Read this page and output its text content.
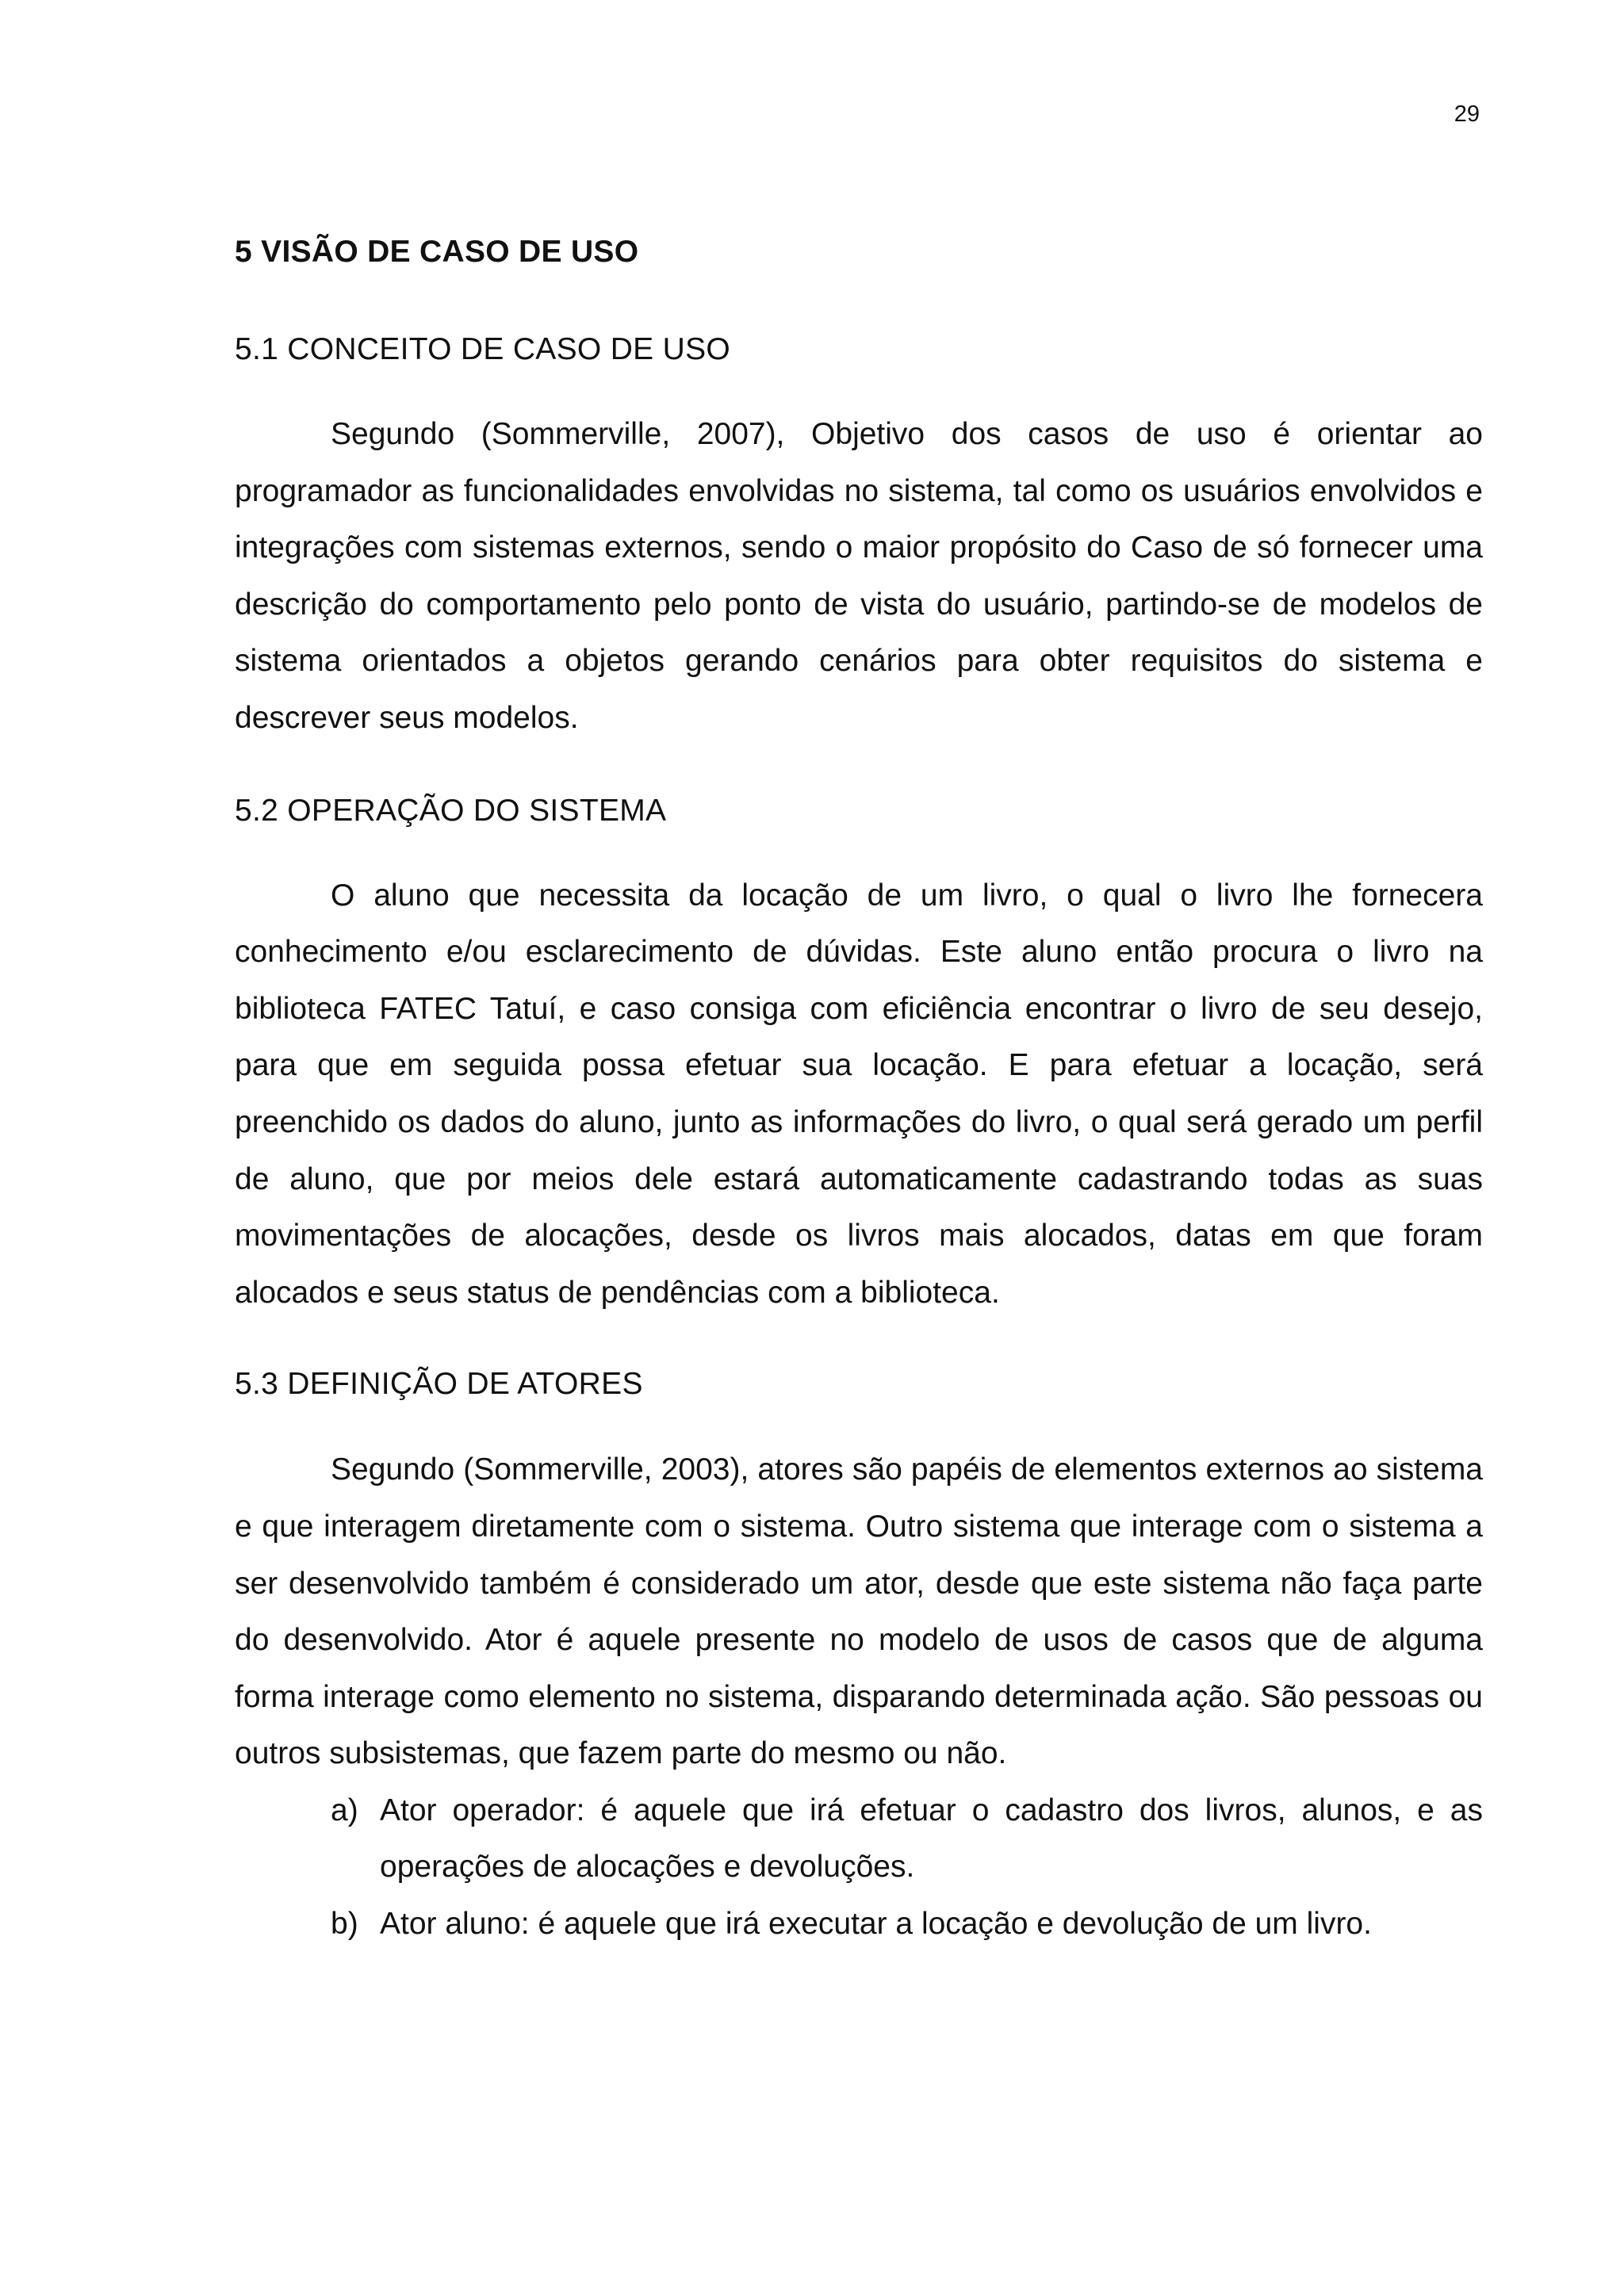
29
5 VISÃO DE CASO DE USO
5.1 CONCEITO DE CASO DE USO

Segundo (Sommerville, 2007), Objetivo dos casos de uso é orientar ao programador as funcionalidades envolvidas no sistema, tal como os usuários envolvidos e integrações com sistemas externos, sendo o maior propósito do Caso de só fornecer uma descrição do comportamento pelo ponto de vista do usuário, partindo-se de modelos de sistema orientados a objetos gerando cenários para obter requisitos do sistema e descrever seus modelos.

5.2 OPERAÇÃO DO SISTEMA

O aluno que necessita da locação de um livro, o qual o livro lhe fornecera conhecimento e/ou esclarecimento de dúvidas. Este aluno então procura o livro na biblioteca FATEC Tatuí, e caso consiga com eficiência encontrar o livro de seu desejo, para que em seguida possa efetuar sua locação. E para efetuar a locação, será preenchido os dados do aluno, junto as informações do livro, o qual será gerado um perfil de aluno, que por meios dele estará automaticamente cadastrando todas as suas movimentações de alocações, desde os livros mais alocados, datas em que foram alocados e seus status de pendências com a biblioteca.

5.3 DEFINIÇÃO DE ATORES

Segundo (Sommerville, 2003), atores são papéis de elementos externos ao sistema e que interagem diretamente com o sistema. Outro sistema que interage com o sistema a ser desenvolvido também é considerado um ator, desde que este sistema não faça parte do desenvolvido. Ator é aquele presente no modelo de usos de casos que de alguma forma interage como elemento no sistema, disparando determinada ação. São pessoas ou outros subsistemas, que fazem parte do mesmo ou não.

a) Ator operador: é aquele que irá efetuar o cadastro dos livros, alunos, e as operações de alocações e devoluções.
b) Ator aluno: é aquele que irá executar a locação e devolução de um livro.
